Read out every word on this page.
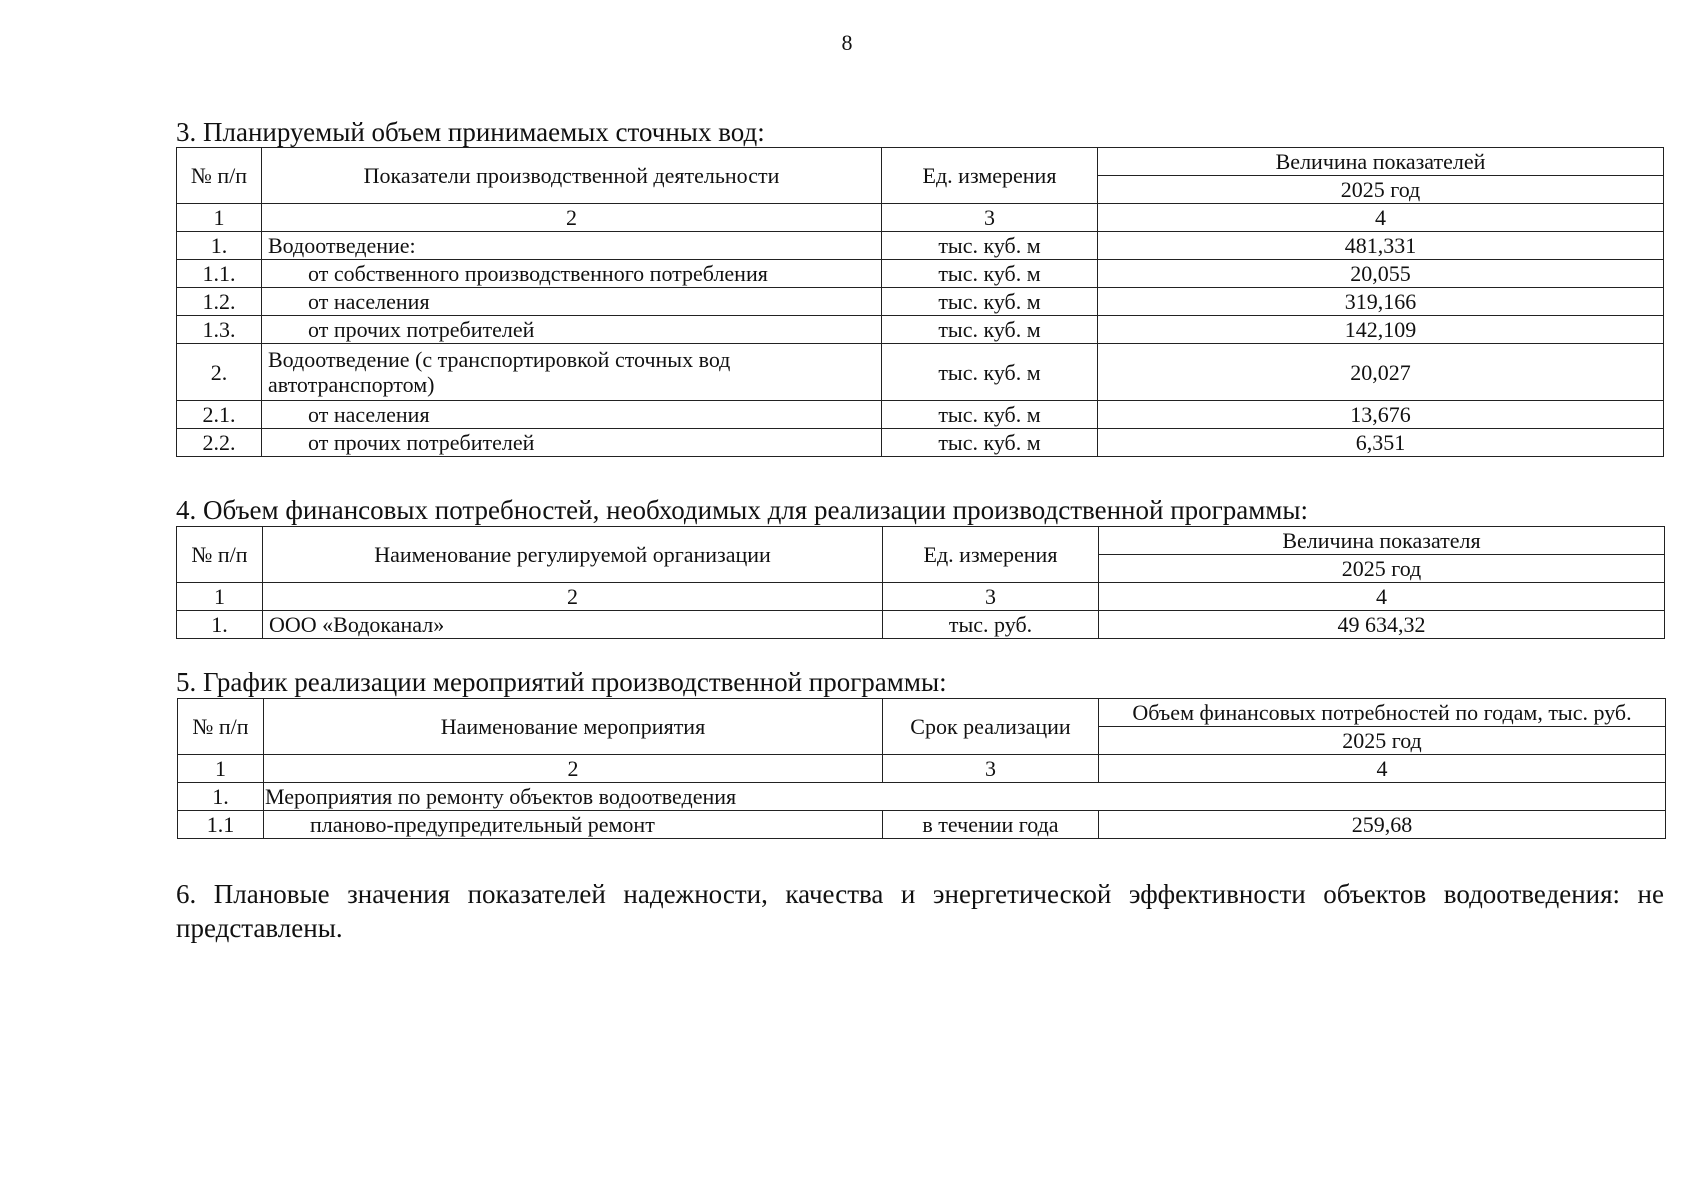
8
3. Планируемый объем принимаемых сточных вод:
№ п/п	Показатели производственной деятельности	Ед. измерения	Величина показателей
			2025 год
1	2	3	4
1.	Водоотведение:	тыс. куб. м	481,331
1.1.	от собственного производственного потребления	тыс. куб. м	20,055
1.2.	от населения	тыс. куб. м	319,166
1.3.	от прочих потребителей	тыс. куб. м	142,109
2.	Водоотведение (с транспортировкой сточных вод автотранспортом)	тыс. куб. м	20,027
2.1.	от населения	тыс. куб. м	13,676
2.2.	от прочих потребителей	тыс. куб. м	6,351
4. Объем финансовых потребностей, необходимых для реализации производственной программы:
№ п/п	Наименование регулируемой организации	Ед. измерения	Величина показателя
			2025 год
1	2	3	4
1.	ООО «Водоканал»	тыс. руб.	49 634,32
5. График реализации мероприятий производственной программы:
№ п/п	Наименование мероприятия	Срок реализации	Объем финансовых потребностей по годам, тыс. руб.
			2025 год
1	2	3	4
1.	Мероприятия по ремонту объектов водоотведения		
1.1	планово-предупредительный ремонт	в течении года	259,68
6. Плановые значения показателей надежности, качества и энергетической эффективности объектов водоотведения: не представлены.
